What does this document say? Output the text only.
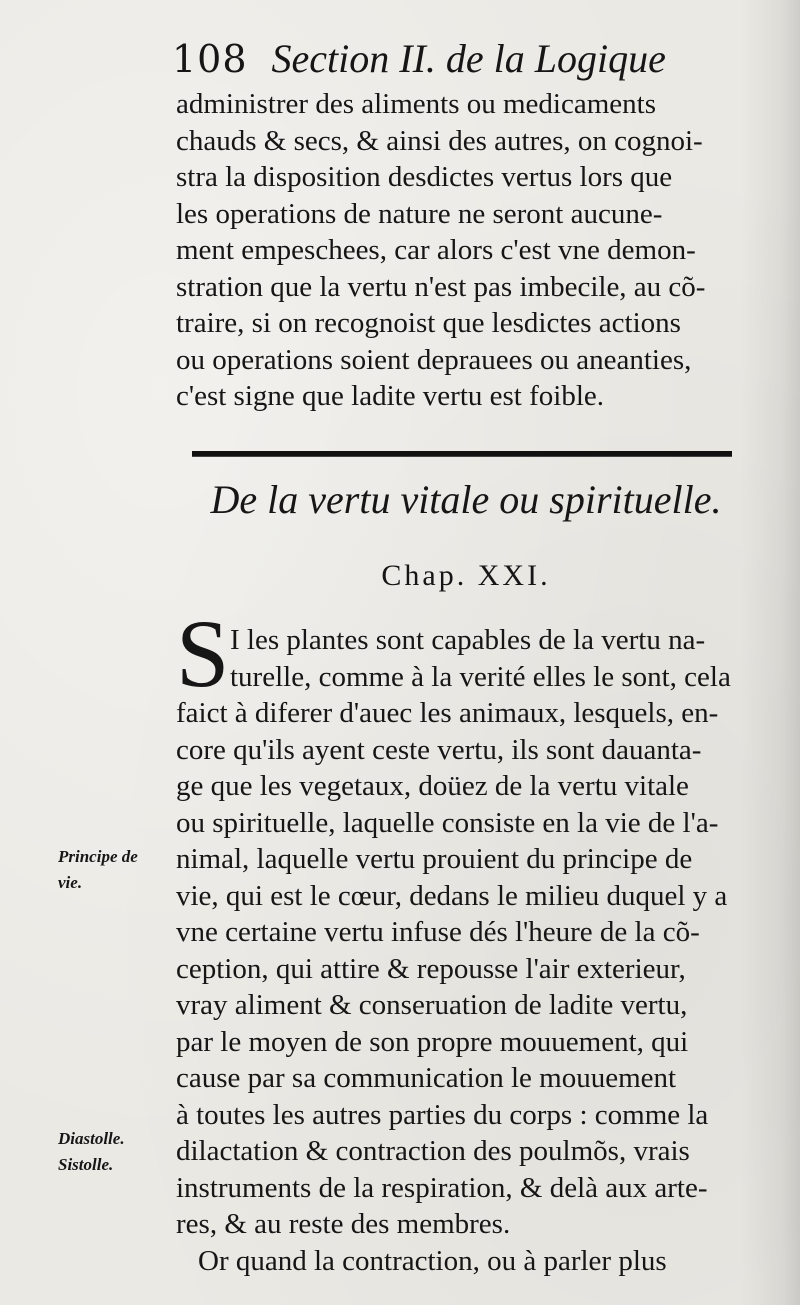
108 Section II. de la Logique
administrer des aliments ou medicaments
chauds & secs, & ainsi des autres, on cognoi-
stra la disposition desdictes vertus lors que
les operations de nature ne seront aucune-
ment empeschees, car alors c'est vne demon-
stration que la vertu n'est pas imbecile, au cõ-
traire, si on recognoist que lesdictes actions
ou operations soient deprauees ou aneanties,
c'est signe que ladite vertu est foible.
De la vertu vitale ou spirituelle.
Chap. XXI.
S I les plantes sont capables de la vertu na-
turelle, comme à la verité elles le sont, cela
faict à diferer d'auec les animaux, lesquels, en-
core qu'ils ayent ceste vertu, ils sont dauanta-
ge que les vegetaux, doüez de la vertu vitale
ou spirituelle, laquelle consiste en la vie de l'a-
nimal, laquelle vertu prouient du principe de
vie, qui est le cœur, dedans le milieu duquel y a
vne certaine vertu infuse dés l'heure de la cõ-
ception, qui attire & repousse l'air exterieur,
vray aliment & conseruation de ladite vertu,
par le moyen de son propre mouuement, qui
cause par sa communication le mouuement
à toutes les autres parties du corps : comme la
dilactation & contraction des poulmõs, vrais
instruments de la respiration, & delà aux arte-
res, & au reste des membres.
Or quand la contraction, ou à parler plus
Principe de
vie.
Diastolle.
Sistolle.
